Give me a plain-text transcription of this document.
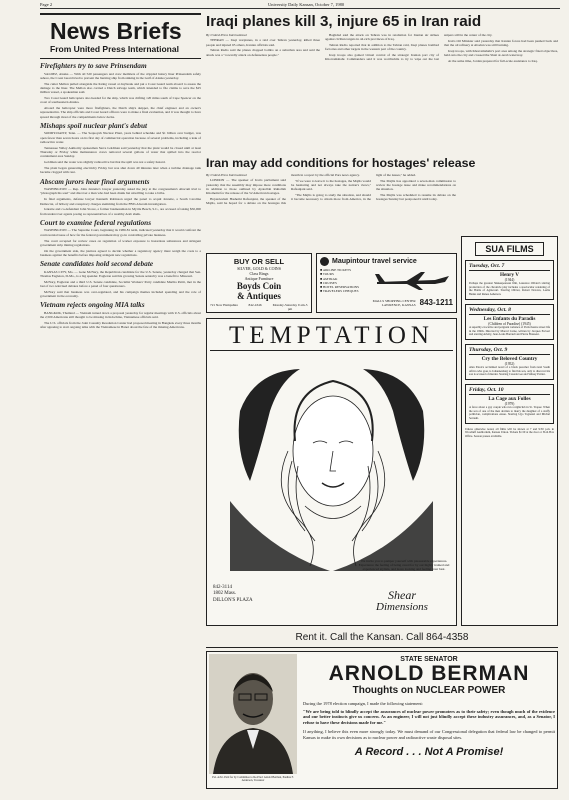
Page 2	University Daily Kansan, October 7, 1980
News Briefs
From United Press International
Firefighters try to save Prinsendam

VALDEZ, Alaska — With all 520 passengers and crew members of the crippled luxury liner Prinsendam safely ashore, the Coast Guard tried to prevent the burning ship from sinking in the Gulf of Alaska yesterday.

The cutter Mellon pulled alongside the listing vessel at daybreak and put a Coast Guard team aboard to assess the damage to the liner. The Mellon also carried a Dutch salvage team, which intended to file claims to save the $25 million vessel, a spokesman said.

Two Coast Guard helicopters also headed for the ship, which was drifting 120 miles south of Cape Spencer on the coast of southeastern Alaska.

Aboard the helicopter were more firefighters, the Dutch ship's skipper, the chief engineer and an owner's representative. The ship officials and Coast Guard officers were to make a final evaluation, and it was thought to have spread through most of the compartments below decks.

Mishaps spoil nuclear plant's debut

SODDY-DAISY, Tenn. — The Sequoyah Nuclear Plant, years behind schedule and $1 billion over budget, was open fewer than seven hours on its first day of commercial operation because of several problems, including a leak of radioactive water.

Tennessee Valley Authority spokesman Steve Goldman said yesterday that the plant would be closed until at least Thursday or Friday while maintenance crews removed several gallons of water that spilled into the reactor containment area Sunday.

Goldman said the water was slightly radioactive but that the spill was not a safety hazard.

The plant began generating electricity Friday but was shut down 40 minutes later when a turbine drainage tank became clogged with rust.

Abscam jurors hear final arguments

WASHINGTON — Rep. John Jenrette's lawyer yesterday asked the jury at the congressman's Abscam trial to "photograph his soul" and discover a man who had been drunk but unwilling to take a bribe.

In final arguments, defense lawyer Kenneth Robinson urged the panel to acquit Jenrette, a South Carolina Democrat, of bribery and conspiracy charges stemming from the FBI's Abscam investigation.

Jenrette and co-defendant John Stowe, a former businessman in Myrtle Beach, S.C., are accused of taking $50,000 from undercover agents posing as representatives of a wealthy Arab sheik.

Court to examine federal regulations

WASHINGTON — The Supreme Court, beginning its 1980-81 term, indicated yesterday that it would confront the controversial issue of how far the federal government may go in controlling private business.

The court accepted for review cases on regulation of worker exposure to hazardous substances and stringent government strip mining regulations.

On the government side, the justices agreed to decide whether a regulatory agency must weigh the costs to a business against the benefits before imposing stringent new regulations.

Senate candidates hold second debate

KANSAS CITY, Mo. — Gene McNary, the Republican candidate for the U.S. Senate, yesterday charged that Sen. Thomas Eagleton, D-Mo., is a big spender. Eagleton said his growing Senate seniority was a benefit to Missouri.

McNary, Eagleton and a third U.S. Senate candidate, Socialist Workers' Party candidate Martha Pettit, met in the last of two televised debates before a panel of four questioners.

McNary said that business was over-regulated, and his campaign themes included spending and the role of government in the economy.

Vietnam rejects ongoing MIA talks

BANGKOK, Thailand — Vietnam turned down a proposal yesterday for regular meetings with U.S. officials about the 2,500 Americans still thought to be missing in Indochina, Vietnamese officials said.

The U.S. officials from the Joint Casualty Resolution Center had proposed meeting in Bangkok every three months after agreeing to start ongoing talks with the Vietnamese in Hanoi about the fate of the missing Americans.

Iraqi planes kill 3, injure 65 in Iran raid
By United Press International

TEHRAN — Iraqi warplanes, in a raid over Tehran yesterday, killed three people and injured 65 others, Iranian officials said.

Tehran Radio said the planes dropped bombs on a suburban area and said the attack was a "cowardly attack on defenseless people."

Baghdad said the attack on Tehran was in retaliation for Iranian air strikes against civilian targets in oil-rich provinces of Iraq.

Tehran Radio reported that in addition to the Tehran raid, Iraqi planes bombed factories and other targets in the western part of the country.

Iraqi troops also gained virtual control of the strategic Iranian port city of Khorramshahr. Commanders said it was worthwhile to try to wipe out the last snipers still in the center of the city.

Iran's Oil Minister said yesterday that Iranian forces had been pushed back and that the oil refinery at Abadan was still burning.

Iraqi troops, with Khorramshahr's port area among the strategic fixed objectives, held onto the city and crossed the Shatt al-Arab waterway.

At the same time, Jordan prepared for full-scale assistance to Iraq.

Iran may add conditions for hostages' release
By United Press International

LONDON — The speaker of Iran's parliament said yesterday that the assembly may impose more conditions in addition to those outlined by Ayatollah Ruhollah Khomeini for the release of the 52 American hostages.

Hojatoleslam Hashemi Rafsanjani, the speaker of the Majlis, said he hoped for a debate on the hostages this month in a report by the official Pars news agency.

"If we were to leave it to the hostages, the Majlis would be hesitating and not always take the nation's views," Rafsanjani said.

"The Majlis is going to study the situation, and should it become necessary to obtain more from America, in the light of the issues," he added.

The Majlis has appointed a seven-man commission to review the hostage issue and make recommendations on the situation.

The Majlis was scheduled to resume its debate on the hostages Sunday but postponed it until today.

SUA FILMS
Tuesday, Oct. 7
Henry V
(1944)
Perhaps the greatest Shakespearean film, Laurence Olivier's stirring production of the chronicle play includes a spectacular rendering of the Battle of Agincourt. Starring Olivier, Robert Newton, Leslie Banks and Renee Asherson.
Wednesday, Oct. 8
Les Enfants du Paradis
(Children of Paradise) (1945)
A superbly evocative and poignant romance of Paris theatre street life in the 1840s. Directed by Marcel Carne, written by Jacques Prevert and starring Arletty, Jean-Louis Barrault and Pierre Brasseur.
Thursday, Oct. 9
Cry the Beloved Country
(1952)
Alan Paton's acclaimed novel of a black preacher from rural South Africa who goes to Johannesburg to find his son, only to discover his son is accused of murder. Starring Canada Lee and Sidney Poitier.
Friday, Oct. 10
La Cage aux Folles
(1979)
A farce about a gay couple who run a nightclub in St. Tropez. When the son of one of the men decides to marry the daughter of a stuffy politician, complications ensue. Starring Ugo Tognazzi and Michel Serrault.
Unless otherwise noted, all films will be shown at 7 and 9:30 p.m. in Woodruff Auditorium, Kansas Union. Tickets $1.50 at the door or SUA Box Office. Season passes available.
BUY OR SELL
SILVER, GOLD & COINS
Class Rings
Antique Furniture
Boyds Coin
& Antiques
721 New Hampshire	842-4346	Monday-Saturday 9 am-5 pm
Maupintour travel service
■ AIRLINE TICKETS
■ TOURS
■ AMTRAK
■ CRUISES
■ HOTEL RESERVATIONS
■ TRAVELERS CHEQUES
MALLS SHOPPING CENTER
LAWRENCE, KANSAS 843-1211
TEMPTATION
We invite you to pamper yourself with pleasurable experiences. Experience the feeling of being cared for by our highly trained and experienced stylists, and leave looking and feeling your best.
842-3114
1802 Mass.
DILLON'S PLAZA	Shear
Dimensions
Rent it. Call the Kansan. Call 864-4358
Pol. Advt. Paid for by Committee to Re-Elect Arnold Berman, Pauline F. Anderson, Treasurer
STATE SENATOR
ARNOLD BERMAN
Thoughts on NUCLEAR POWER
During the 1978 election campaign, I made the following statement:
"We are being told to blindly accept the assurances of nuclear power promoters as to their safety; even though much of the evidence and our better instincts give us concern. As an engineer, I will not just blindly accept these industry assurances, and, as a Senator, I refuse to have these decisions made for me."
If anything, I believe this even more strongly today. We must demand of our Congressional delegation that federal law be changed to permit Kansas to make its own decisions as to nuclear power and radioactive waste disposal sites.
A Record . . . Not A Promise!
